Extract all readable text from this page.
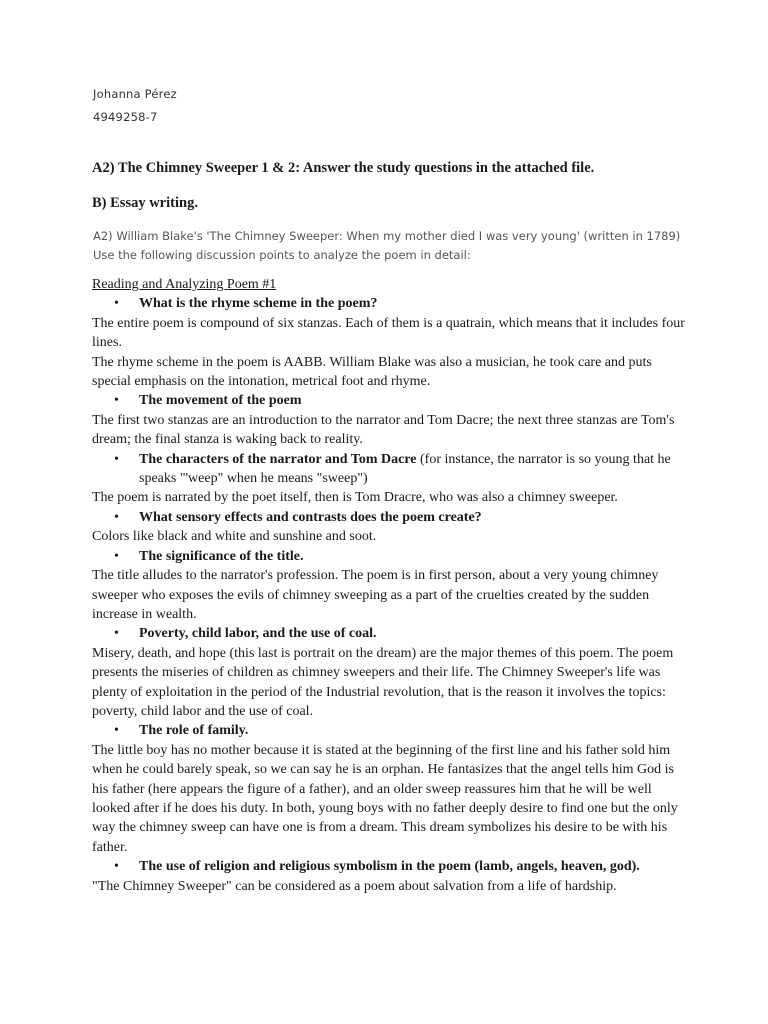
Johanna Pérez
4949258-7
A2) The Chimney Sweeper 1 & 2: Answer the study questions in the attached file.
B) Essay writing.
A2) William Blake's 'The Chimney Sweeper: When my mother died I was very young' (written in 1789) Use the following discussion points to analyze the poem in detail:
Reading and Analyzing Poem #1
• What is the rhyme scheme in the poem?

The entire poem is compound of six stanzas. Each of them is a quatrain, which means that it includes four lines.

The rhyme scheme in the poem is AABB. William Blake was also a musician, he took care and puts special emphasis on the intonation, metrical foot and rhyme.

• The movement of the poem

The first two stanzas are an introduction to the narrator and Tom Dacre; the next three stanzas are Tom's dream; the final stanza is waking back to reality.

• The characters of the narrator and Tom Dacre (for instance, the narrator is so young that he speaks "'weep" when he means "sweep")

The poem is narrated by the poet itself, then is Tom Dracre, who was also a chimney sweeper.

• What sensory effects and contrasts does the poem create?

Colors like black and white and sunshine and soot.

• The significance of the title.

The title alludes to the narrator's profession. The poem is in first person, about a very young chimney sweeper who exposes the evils of chimney sweeping as a part of the cruelties created by the sudden increase in wealth.

• Poverty, child labor, and the use of coal.

Misery, death, and hope (this last is portrait on the dream) are the major themes of this poem. The poem presents the miseries of children as chimney sweepers and their life. The Chimney Sweeper's life was plenty of exploitation in the period of the Industrial revolution, that is the reason it involves the topics: poverty, child labor and the use of coal.

• The role of family.

The little boy has no mother because it is stated at the beginning of the first line and his father sold him when he could barely speak, so we can say he is an orphan. He fantasizes that the angel tells him God is his father (here appears the figure of a father), and an older sweep reassures him that he will be well looked after if he does his duty. In both, young boys with no father deeply desire to find one but the only way the chimney sweep can have one is from a dream. This dream symbolizes his desire to be with his father.

• The use of religion and religious symbolism in the poem (lamb, angels, heaven, god).

"The Chimney Sweeper" can be considered as a poem about salvation from a life of hardship.
